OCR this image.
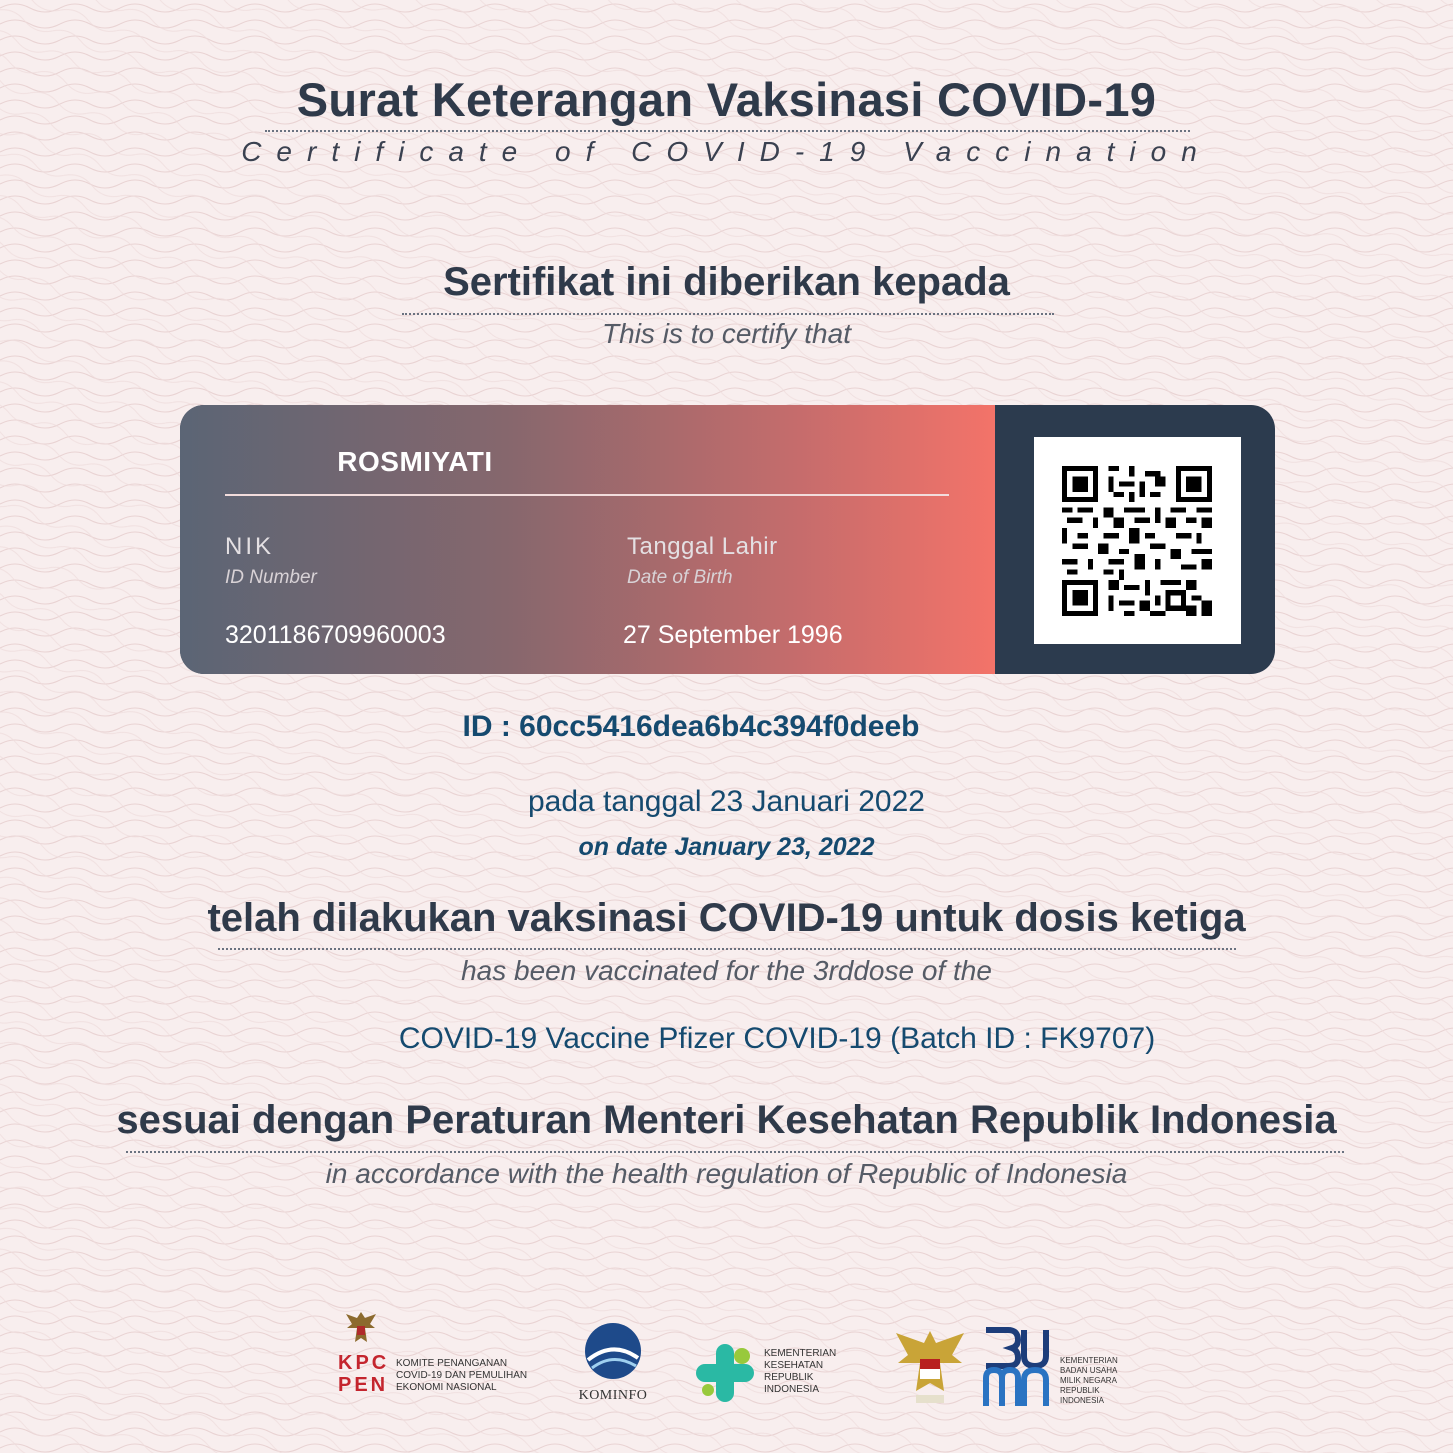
Surat Keterangan Vaksinasi COVID-19
Certificate of COVID-19 Vaccination
Sertifikat ini diberikan kepada
This is to certify that
ROSMIYATI
NIK
ID Number
3201186709960003
Tanggal Lahir
Date of Birth
27 September 1996
ID : 60cc5416dea6b4c394f0deeb
pada tanggal 23 Januari 2022
on date January 23, 2022
telah dilakukan vaksinasi COVID-19 untuk dosis ketiga
has been vaccinated for the 3rddose of the
COVID-19 Vaccine Pfizer COVID-19 (Batch ID : FK9707)
sesuai dengan Peraturan Menteri Kesehatan Republik Indonesia
in accordance with the health regulation of Republic of Indonesia
KPC
PEN
KOMITE PENANGANAN
COVID-19 DAN PEMULIHAN
EKONOMI NASIONAL
KOMINFO
KEMENTERIAN
KESEHATAN
REPUBLIK
INDONESIA
KEMENTERIAN
BADAN USAHA
MILIK NEGARA
REPUBLIK
INDONESIA
